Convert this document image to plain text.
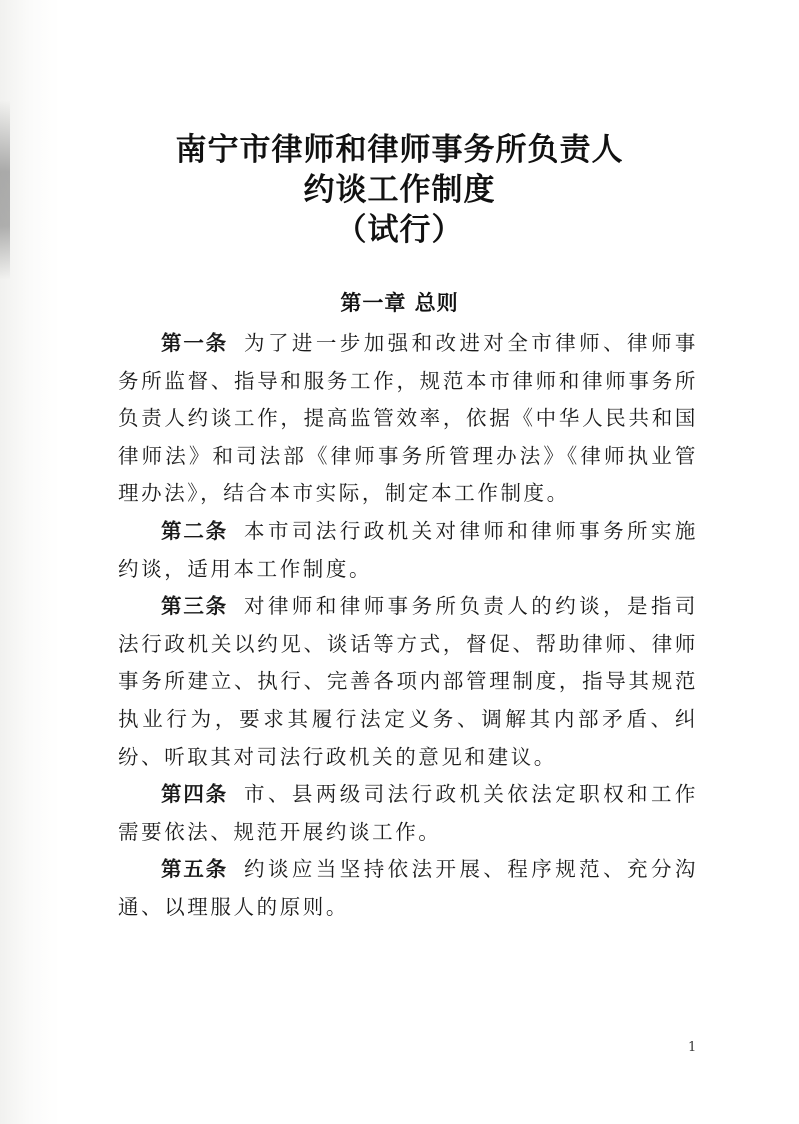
南宁市律师和律师事务所负责人
约谈工作制度
（试行）
第一章 总则

第一条 为了进一步加强和改进对全市律师、律师事务所监督、指导和服务工作，规范本市律师和律师事务所负责人约谈工作，提高监管效率，依据《中华人民共和国律师法》和司法部《律师事务所管理办法》《律师执业管理办法》，结合本市实际，制定本工作制度。

第二条 本市司法行政机关对律师和律师事务所实施约谈，适用本工作制度。

第三条 对律师和律师事务所负责人的约谈，是指司法行政机关以约见、谈话等方式，督促、帮助律师、律师事务所建立、执行、完善各项内部管理制度，指导其规范执业行为，要求其履行法定义务、调解其内部矛盾、纠纷、听取其对司法行政机关的意见和建议。

第四条 市、县两级司法行政机关依法定职权和工作需要依法、规范开展约谈工作。

第五条 约谈应当坚持依法开展、程序规范、充分沟通、以理服人的原则。

1
